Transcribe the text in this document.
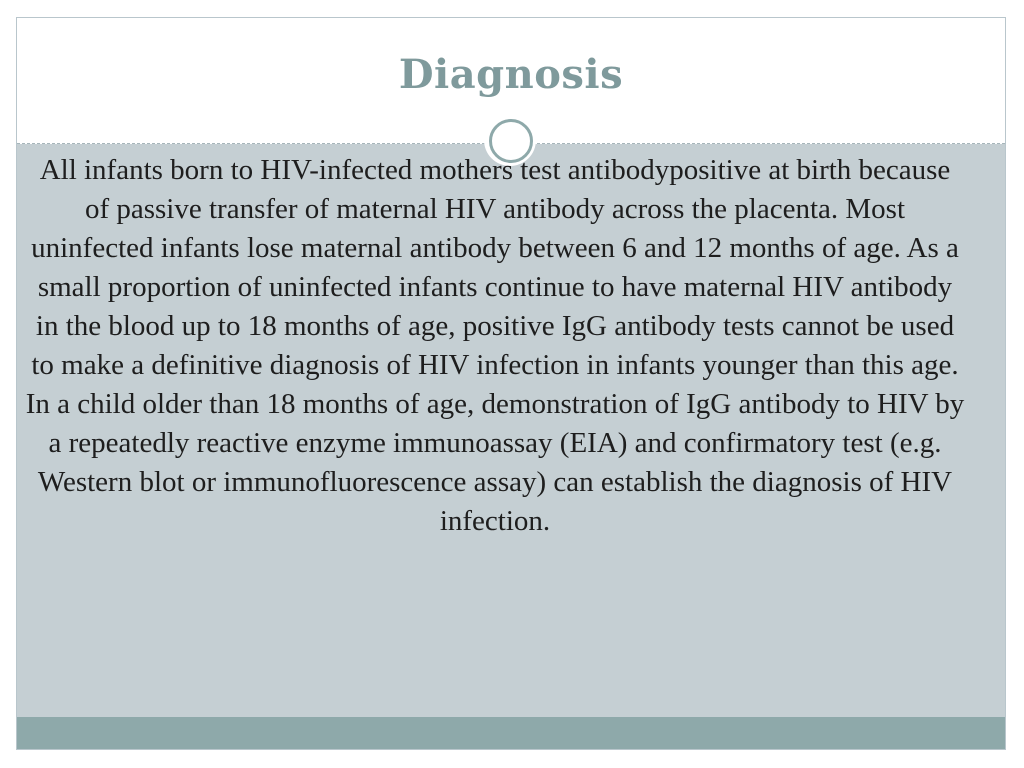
Diagnosis

All infants born to HIV-infected mothers test antibodypositive at birth because of passive transfer of maternal HIV antibody across the placenta. Most uninfected infants lose maternal antibody between 6 and 12 months of age. As a small proportion of uninfected infants continue to have maternal HIV antibody in the blood up to 18 months of age, positive IgG antibody tests cannot be used to make a definitive diagnosis of HIV infection in infants younger than this age. In a child older than 18 months of age, demonstration of IgG antibody to HIV by a repeatedly reactive enzyme immunoassay (EIA) and confirmatory test (e.g. Western blot or immunofluorescence assay) can establish the diagnosis of HIV infection.
